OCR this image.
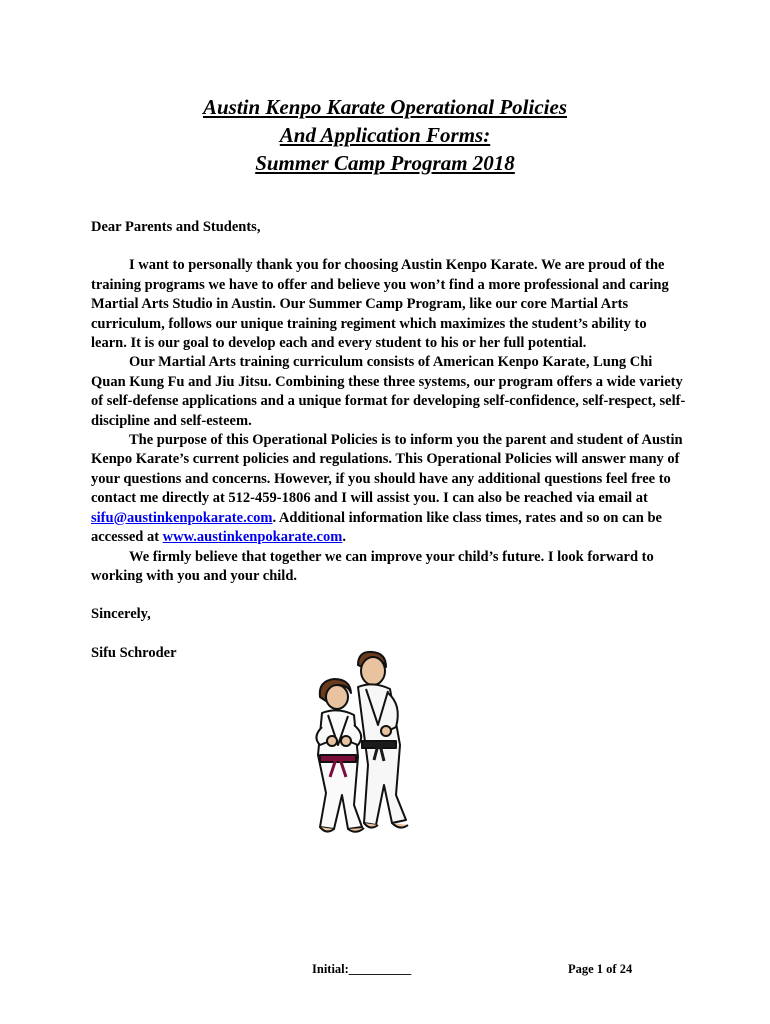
Austin Kenpo Karate Operational Policies
And Application Forms:
Summer Camp Program 2018

Dear Parents and Students,

I want to personally thank you for choosing Austin Kenpo Karate. We are proud of the training programs we have to offer and believe you won’t find a more professional and caring Martial Arts Studio in Austin. Our Summer Camp Program, like our core Martial Arts curriculum, follows our unique training regiment which maximizes the student’s ability to learn. It is our goal to develop each and every student to his or her full potential.

Our Martial Arts training curriculum consists of American Kenpo Karate, Lung Chi Quan Kung Fu and Jiu Jitsu. Combining these three systems, our program offers a wide variety of self-defense applications and a unique format for developing self-confidence, self-respect, self-discipline and self-esteem.

The purpose of this Operational Policies is to inform you the parent and student of Austin Kenpo Karate’s current policies and regulations. This Operational Policies will answer many of your questions and concerns. However, if you should have any additional questions feel free to contact me directly at 512-459-1806 and I will assist you. I can also be reached via email at sifu@austinkenpokarate.com. Additional information like class times, rates and so on can be accessed at www.austinkenpokarate.com.

We firmly believe that together we can improve your child’s future. I look forward to working with you and your child.

Sincerely,

Sifu Schroder

Initial:__________	Page 1 of 24
